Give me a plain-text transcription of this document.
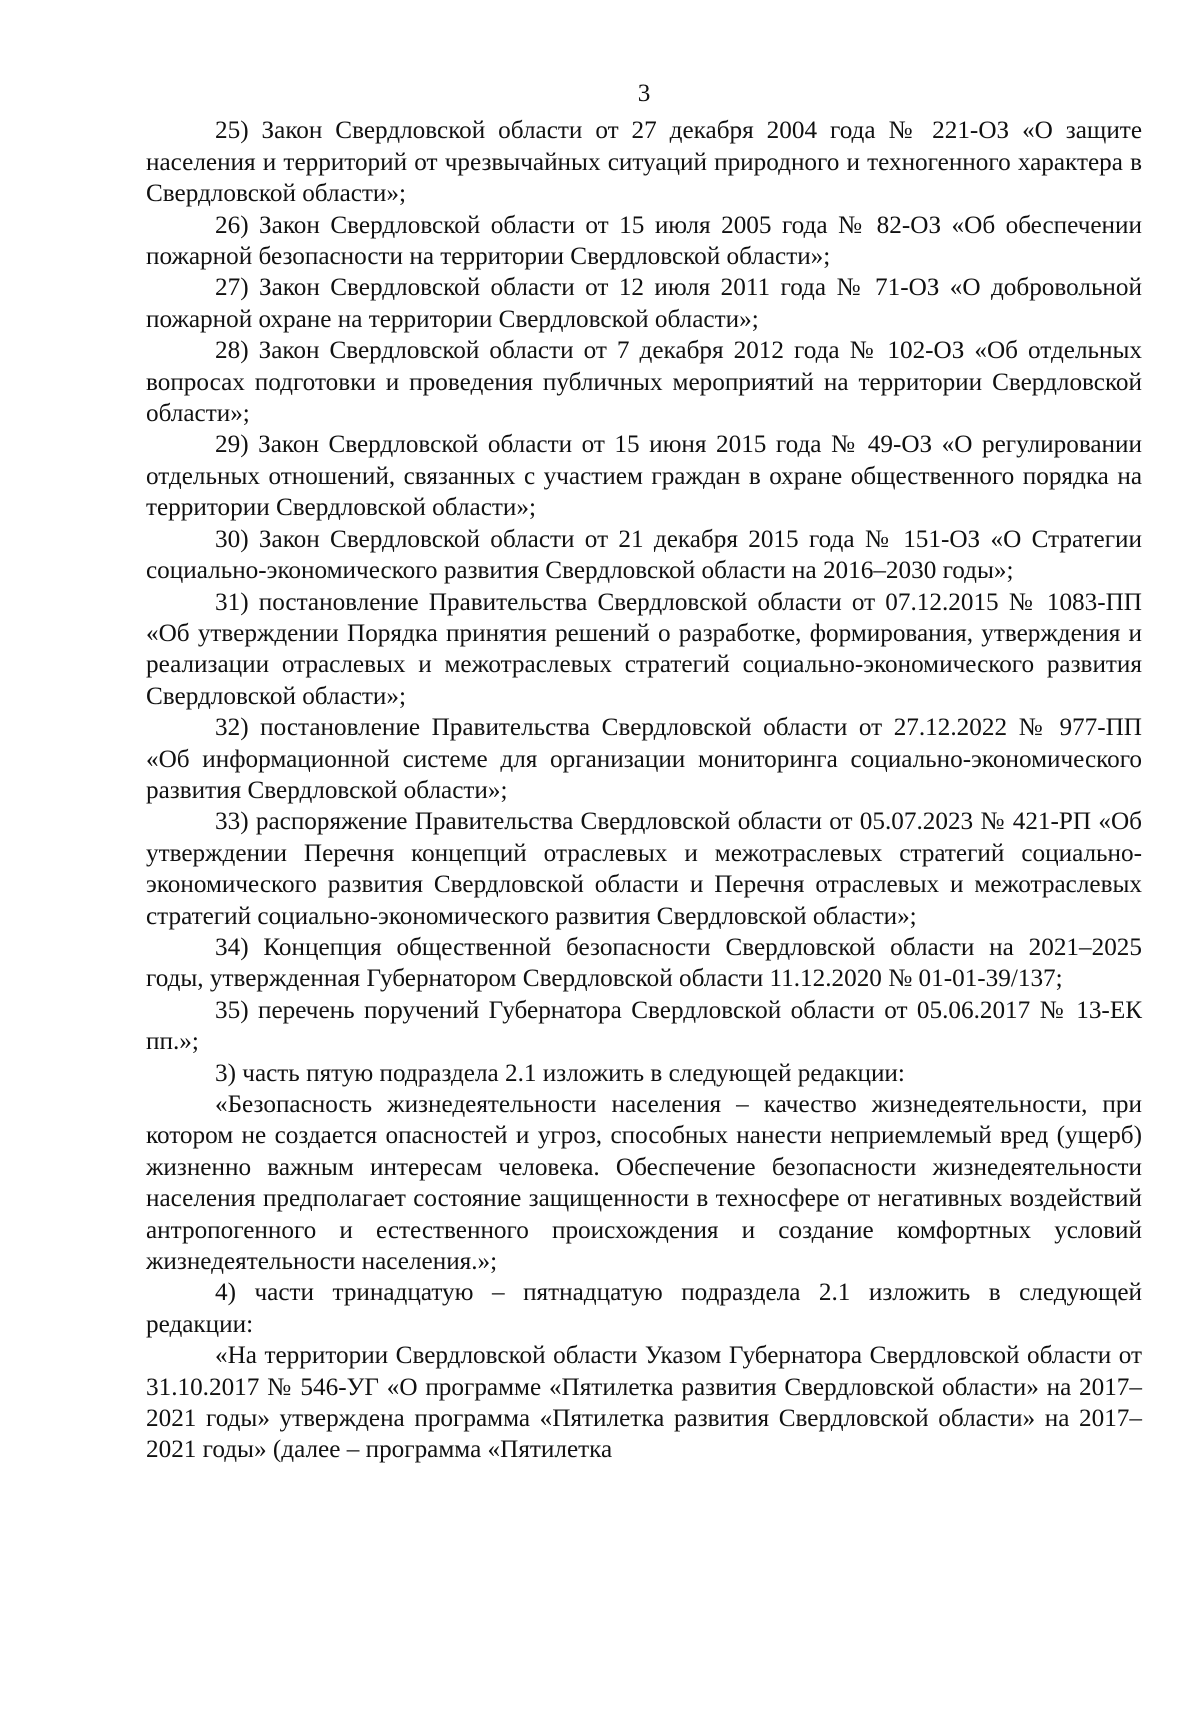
3

25) Закон Свердловской области от 27 декабря 2004 года № 221-ОЗ «О защите населения и территорий от чрезвычайных ситуаций природного и техногенного характера в Свердловской области»;

26) Закон Свердловской области от 15 июля 2005 года № 82-ОЗ «Об обеспечении пожарной безопасности на территории Свердловской области»;

27) Закон Свердловской области от 12 июля 2011 года № 71-ОЗ «О добровольной пожарной охране на территории Свердловской области»;

28) Закон Свердловской области от 7 декабря 2012 года № 102-ОЗ «Об отдельных вопросах подготовки и проведения публичных мероприятий на территории Свердловской области»;

29) Закон Свердловской области от 15 июня 2015 года № 49-ОЗ «О регулировании отдельных отношений, связанных с участием граждан в охране общественного порядка на территории Свердловской области»;

30) Закон Свердловской области от 21 декабря 2015 года № 151-ОЗ «О Стратегии социально-экономического развития Свердловской области на 2016–2030 годы»;

31) постановление Правительства Свердловской области от 07.12.2015 № 1083-ПП «Об утверждении Порядка принятия решений о разработке, формирования, утверждения и реализации отраслевых и межотраслевых стратегий социально-экономического развития Свердловской области»;

32) постановление Правительства Свердловской области от 27.12.2022 № 977-ПП «Об информационной системе для организации мониторинга социально-экономического развития Свердловской области»;

33) распоряжение Правительства Свердловской области от 05.07.2023 № 421-РП «Об утверждении Перечня концепций отраслевых и межотраслевых стратегий социально-экономического развития Свердловской области и Перечня отраслевых и межотраслевых стратегий социально-экономического развития Свердловской области»;

34) Концепция общественной безопасности Свердловской области на 2021–2025 годы, утвержденная Губернатором Свердловской области 11.12.2020 № 01-01-39/137;

35) перечень поручений Губернатора Свердловской области от 05.06.2017 № 13-ЕК пп.»;

3) часть пятую подраздела 2.1 изложить в следующей редакции:

«Безопасность жизнедеятельности населения – качество жизнедеятельности, при котором не создается опасностей и угроз, способных нанести неприемлемый вред (ущерб) жизненно важным интересам человека. Обеспечение безопасности жизнедеятельности населения предполагает состояние защищенности в техносфере от негативных воздействий антропогенного и естественного происхождения и создание комфортных условий жизнедеятельности населения.»;

4) части тринадцатую – пятнадцатую подраздела 2.1 изложить в следующей редакции:

«На территории Свердловской области Указом Губернатора Свердловской области от 31.10.2017 № 546-УГ «О программе «Пятилетка развития Свердловской области» на 2017–2021 годы» утверждена программа «Пятилетка развития Свердловской области» на 2017–2021 годы» (далее – программа «Пятилетка
